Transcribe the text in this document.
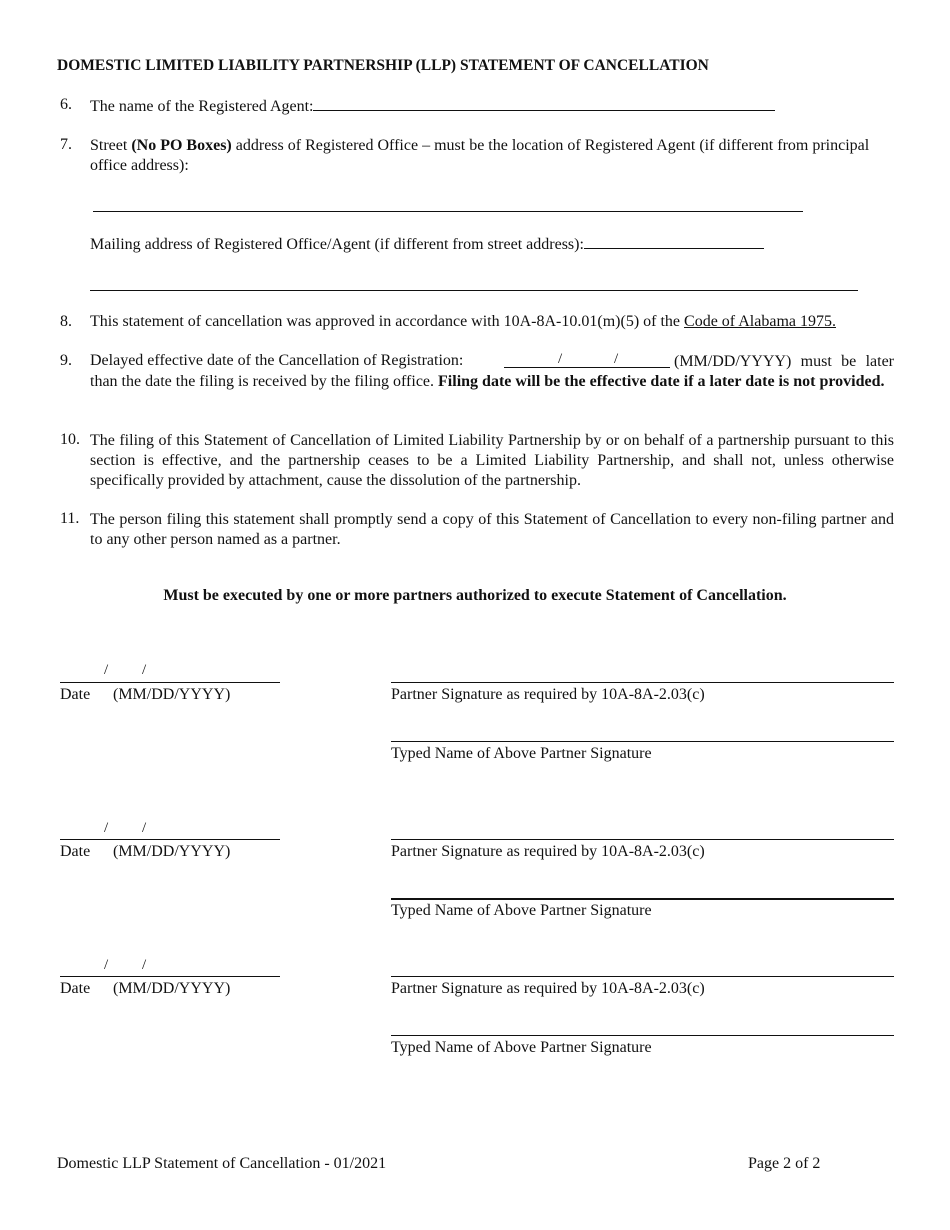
DOMESTIC LIMITED LIABILITY PARTNERSHIP (LLP) STATEMENT OF CANCELLATION
6. The name of the Registered Agent:
7. Street (No PO Boxes) address of Registered Office – must be the location of Registered Agent (if different from principal office address):
Mailing address of Registered Office/Agent (if different from street address):
8. This statement of cancellation was approved in accordance with 10A-8A-10.01(m)(5) of the Code of Alabama 1975.
9. Delayed effective date of the Cancellation of Registration:	/	/	(MM/DD/YYYY) must be later than the date the filing is received by the filing office. Filing date will be the effective date if a later date is not provided.
10. The filing of this Statement of Cancellation of Limited Liability Partnership by or on behalf of a partnership pursuant to this section is effective, and the partnership ceases to be a Limited Liability Partnership, and shall not, unless otherwise specifically provided by attachment, cause the dissolution of the partnership.
11. The person filing this statement shall promptly send a copy of this Statement of Cancellation to every non-filing partner and to any other person named as a partner.
Must be executed by one or more partners authorized to execute Statement of Cancellation.
/ /
Date (MM/DD/YYYY)	Partner Signature as required by 10A-8A-2.03(c)
Typed Name of Above Partner Signature
/ /
Date (MM/DD/YYYY)	Partner Signature as required by 10A-8A-2.03(c)
Typed Name of Above Partner Signature
/ /
Date (MM/DD/YYYY)	Partner Signature as required by 10A-8A-2.03(c)
Typed Name of Above Partner Signature
Domestic LLP Statement of Cancellation - 01/2021	Page 2 of 2
